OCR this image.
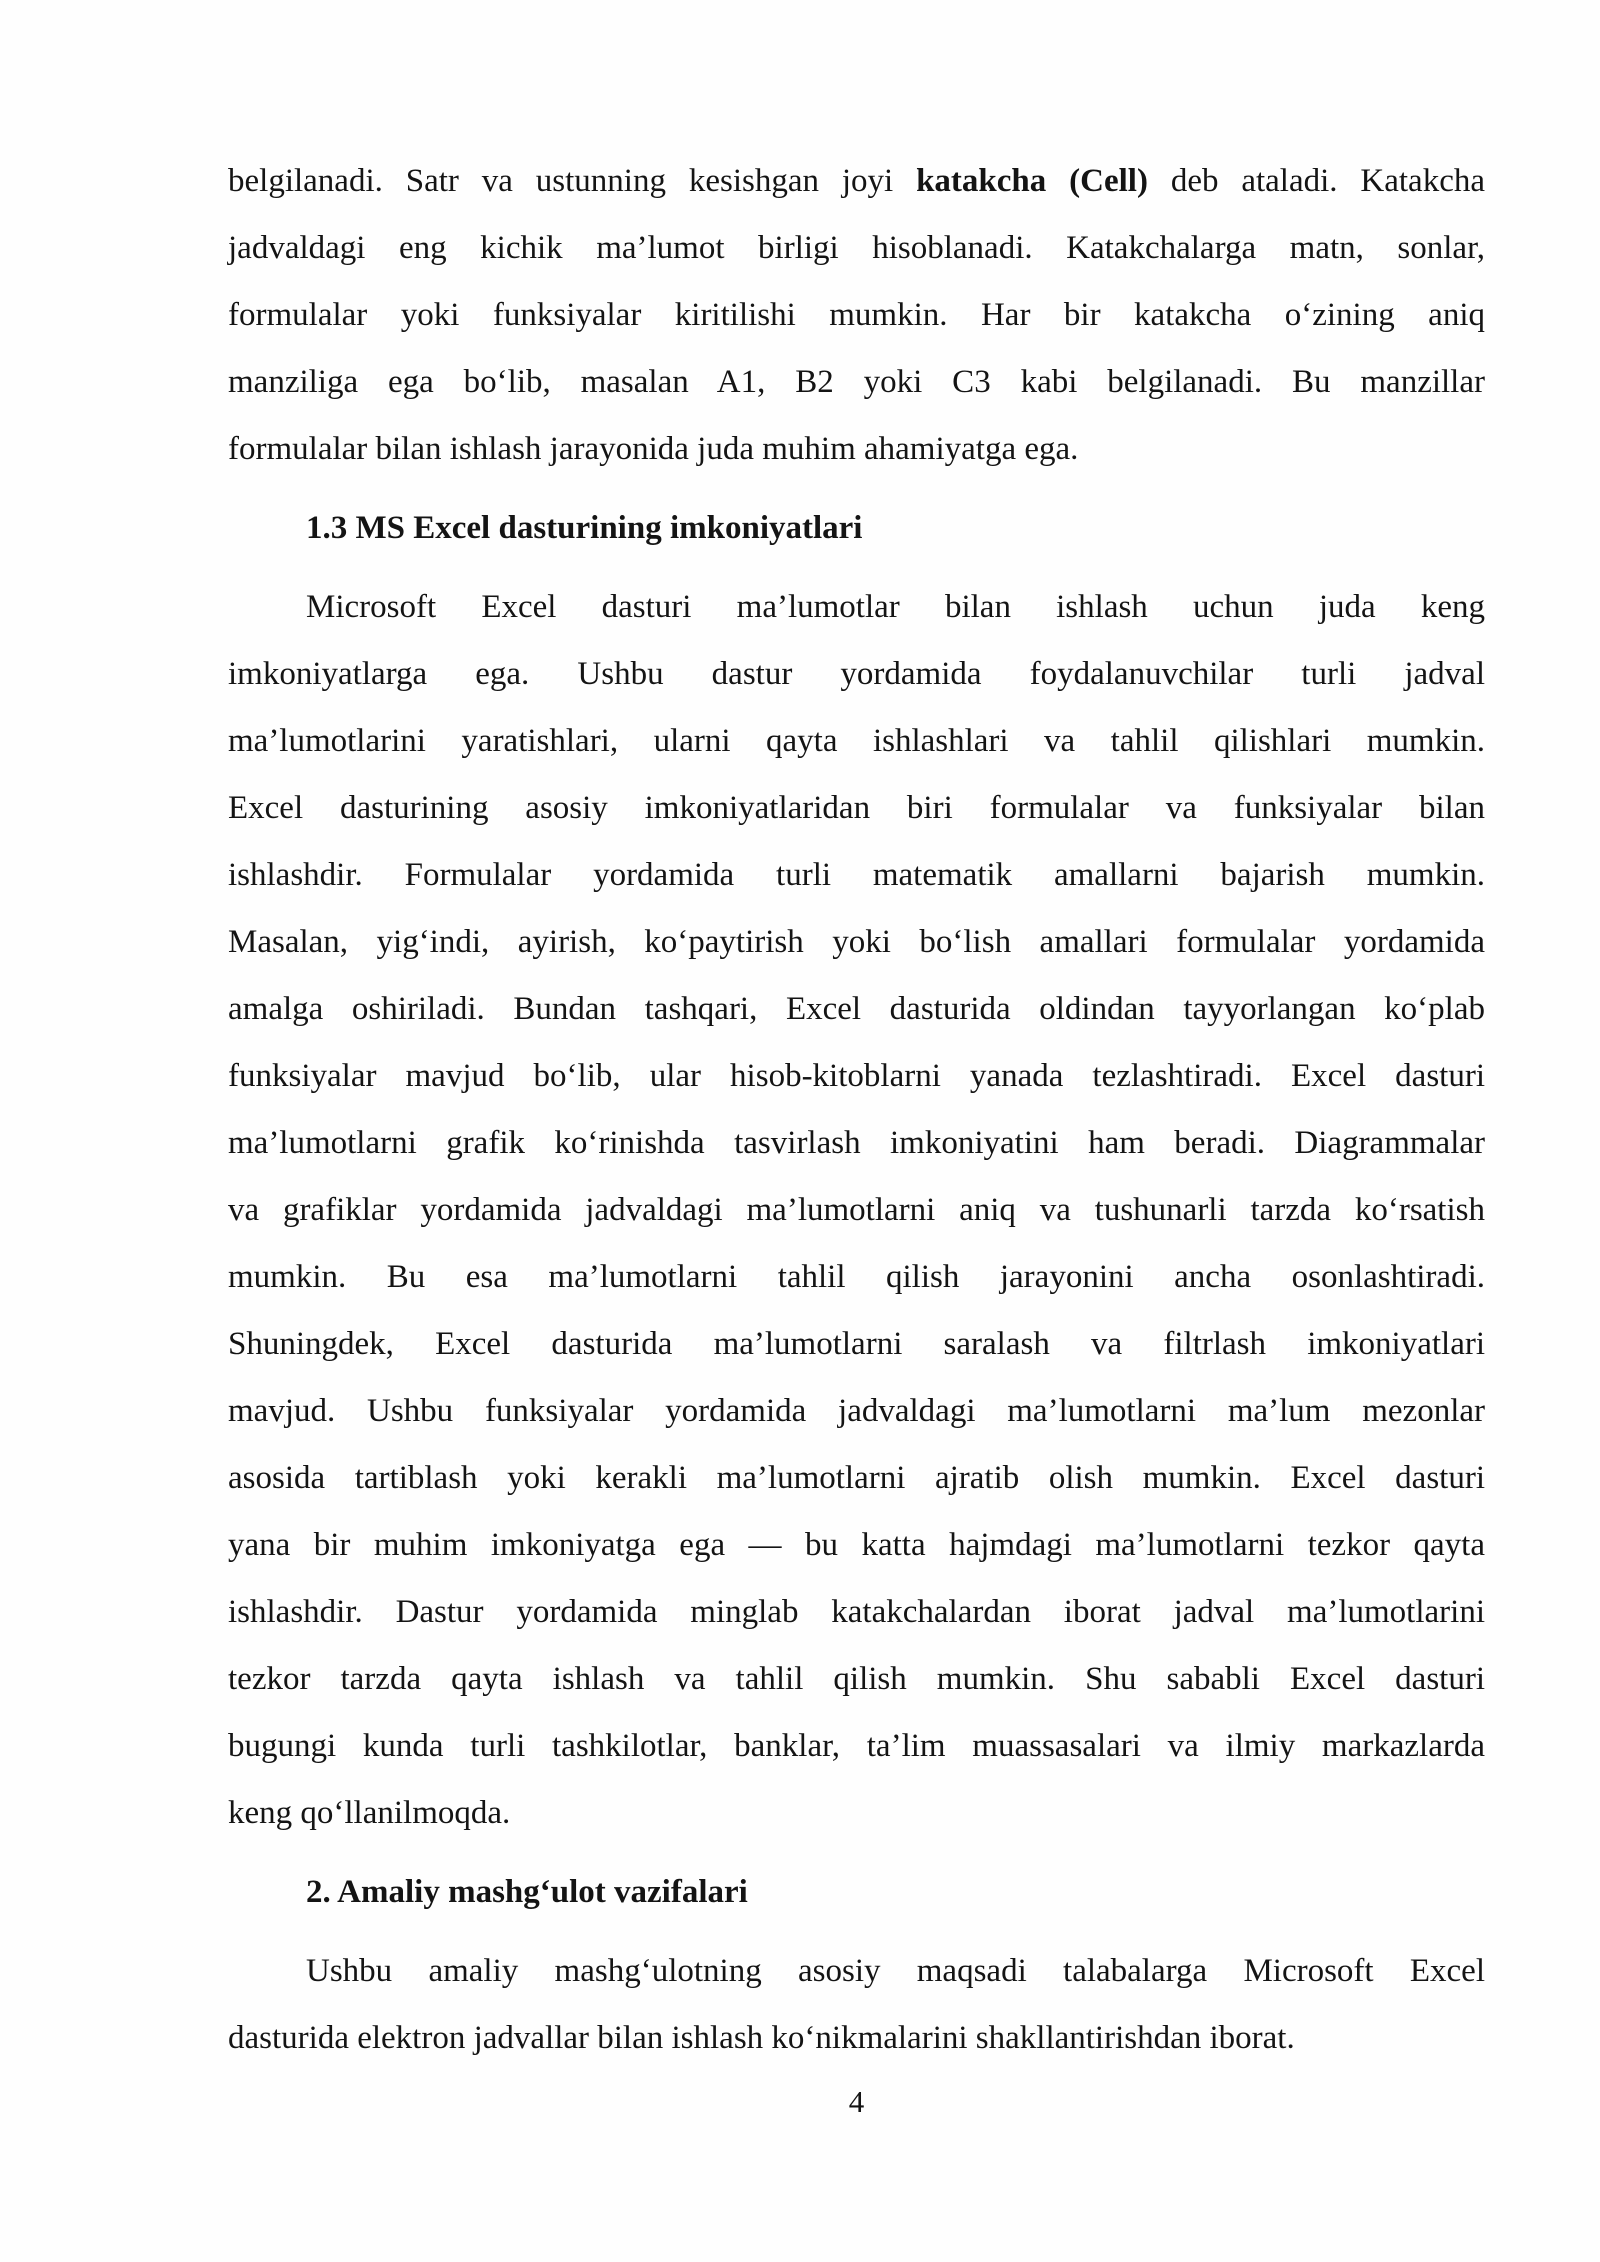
belgilanadi. Satr va ustunning kesishgan joyi katakcha (Cell) deb ataladi. Katakcha
jadvaldagi eng kichik ma’lumot birligi hisoblanadi. Katakchalarga matn, sonlar,
formulalar yoki funksiyalar kiritilishi mumkin. Har bir katakcha o‘zining aniq
manziliga ega bo‘lib, masalan A1, B2 yoki C3 kabi belgilanadi. Bu manzillar
formulalar bilan ishlash jarayonida juda muhim ahamiyatga ega.
1.3 MS Excel dasturining imkoniyatlari
Microsoft Excel dasturi ma’lumotlar bilan ishlash uchun juda keng
imkoniyatlarga ega. Ushbu dastur yordamida foydalanuvchilar turli jadval
ma’lumotlarini yaratishlari, ularni qayta ishlashlari va tahlil qilishlari mumkin.
Excel dasturining asosiy imkoniyatlaridan biri formulalar va funksiyalar bilan
ishlashdir. Formulalar yordamida turli matematik amallarni bajarish mumkin.
Masalan, yig‘indi, ayirish, ko‘paytirish yoki bo‘lish amallari formulalar yordamida
amalga oshiriladi. Bundan tashqari, Excel dasturida oldindan tayyorlangan ko‘plab
funksiyalar mavjud bo‘lib, ular hisob-kitoblarni yanada tezlashtiradi. Excel dasturi
ma’lumotlarni grafik ko‘rinishda tasvirlash imkoniyatini ham beradi. Diagrammalar
va grafiklar yordamida jadvaldagi ma’lumotlarni aniq va tushunarli tarzda ko‘rsatish
mumkin. Bu esa ma’lumotlarni tahlil qilish jarayonini ancha osonlashtiradi.
Shuningdek, Excel dasturida ma’lumotlarni saralash va filtrlash imkoniyatlari
mavjud. Ushbu funksiyalar yordamida jadvaldagi ma’lumotlarni ma’lum mezonlar
asosida tartiblash yoki kerakli ma’lumotlarni ajratib olish mumkin. Excel dasturi
yana bir muhim imkoniyatga ega — bu katta hajmdagi ma’lumotlarni tezkor qayta
ishlashdir. Dastur yordamida minglab katakchalardan iborat jadval ma’lumotlarini
tezkor tarzda qayta ishlash va tahlil qilish mumkin. Shu sababli Excel dasturi
bugungi kunda turli tashkilotlar, banklar, ta’lim muassasalari va ilmiy markazlarda
keng qo‘llanilmoqda.
2. Amaliy mashg‘ulot vazifalari
Ushbu amaliy mashg‘ulotning asosiy maqsadi talabalarga Microsoft Excel
dasturida elektron jadvallar bilan ishlash ko‘nikmalarini shakllantirishdan iborat.
4
